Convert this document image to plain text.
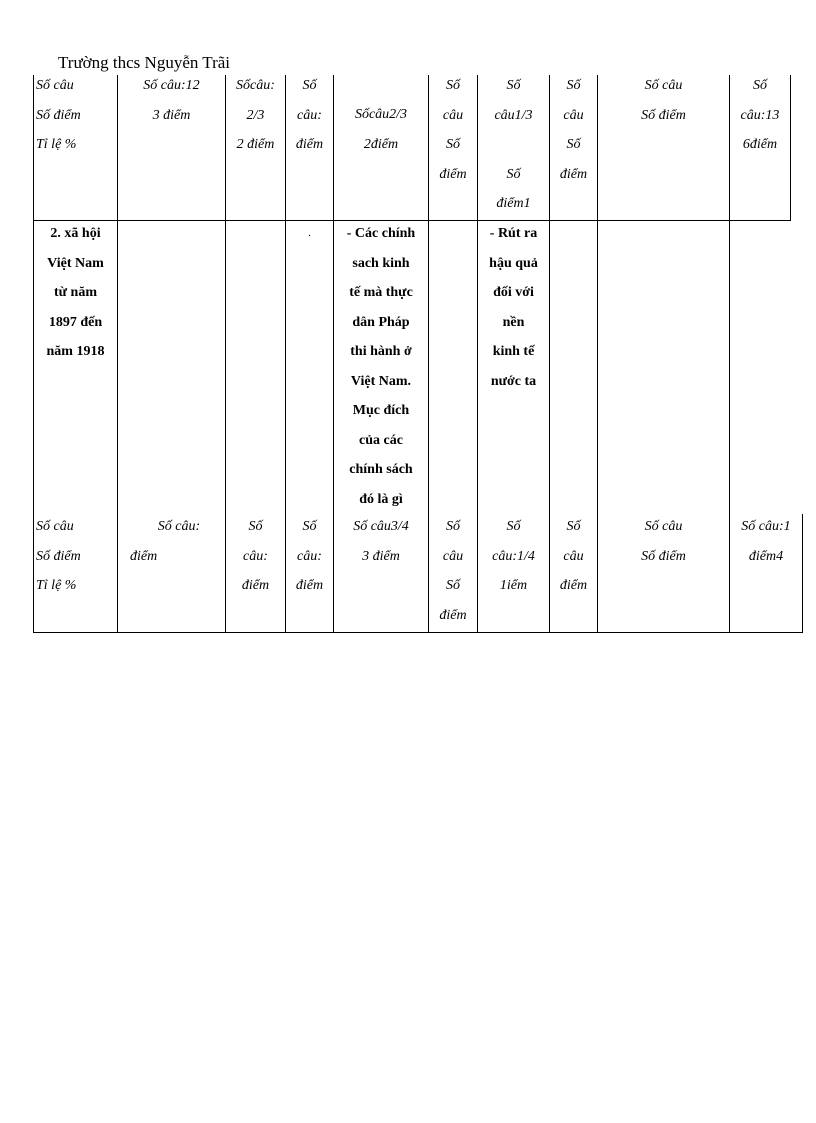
Trường thcs Nguyễn Trãi
Số câu
Số điểm
Tỉ lệ %
Số câu:12
3 điểm
Sốcâu:
2/3
2 điểm
Số
câu:
điểm
Sốcâu2/3
2điểm
Số
câu
Số
điểm
Số
câu1/3

Số
điểm1
Số
câu
Số
điểm
Số câu
Số điểm
Số
câu:13
6điểm
2. xã hội
Việt Nam
từ năm
1897 đến
năm 1918
.	- Các chính
sach kinh
tế mà thực
dân Pháp
thi hành ở
Việt Nam.
Mục đích
của các
chính sách
đó là gì
- Rút ra
hậu quả
đối với
nền
kinh tế
nước ta
Số câu
Số điểm
Tỉ lệ %
Số câu:
điểm
Số
câu:
điểm
Số
câu:
điểm
Số câu3/4
3 điểm
Số
câu
Số
điểm
Số
câu:1/4
1iểm
Số
câu
điểm
Số câu
Số điểm
Số câu:1
điểm4
